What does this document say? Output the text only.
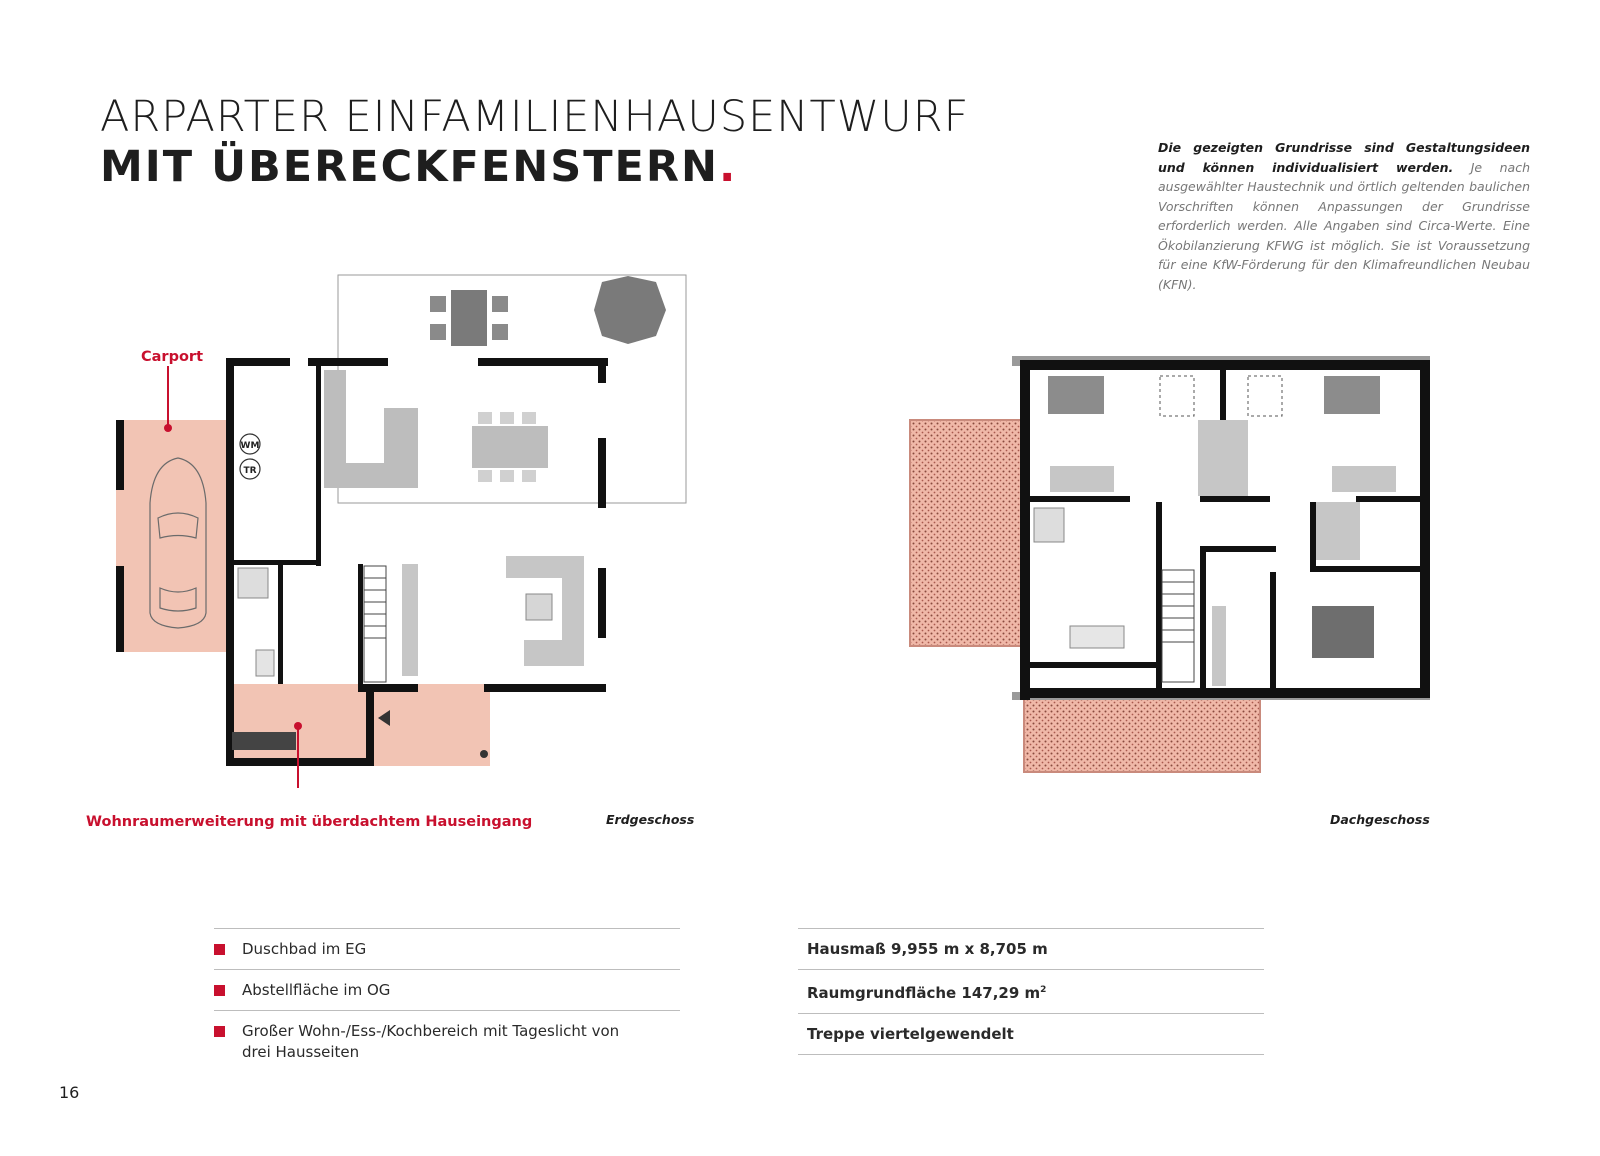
ARPARTER EINFAMILIENHAUSENTWURF
MIT ÜBERECKFENSTERN.	Die gezeigten Grundrisse sind Gestaltungsideen und können individualisiert werden. Je nach ausgewählter Haustechnik und örtlich geltenden baulichen Vorschriften können Anpassungen der Grundrisse erforderlich werden. Alle Angaben sind Circa-Werte. Eine Ökobilanzierung KFWG ist möglich. Sie ist Voraussetzung für eine KfW-Förderung für den Klimafreundlichen Neubau (KFN).

WM
TR
Carport
Wohnraumerweiterung mit überdachtem Hauseingang	Erdgeschoss	Dachgeschoss
Duschbad im EG
Abstellfläche im OG
Großer Wohn-/Ess-/Kochbereich mit Tageslicht von drei Hausseiten
Hausmaß 9,955 m x 8,705 m
Raumgrundfläche 147,29 $m^2$
Treppe viertelgewendelt
16
